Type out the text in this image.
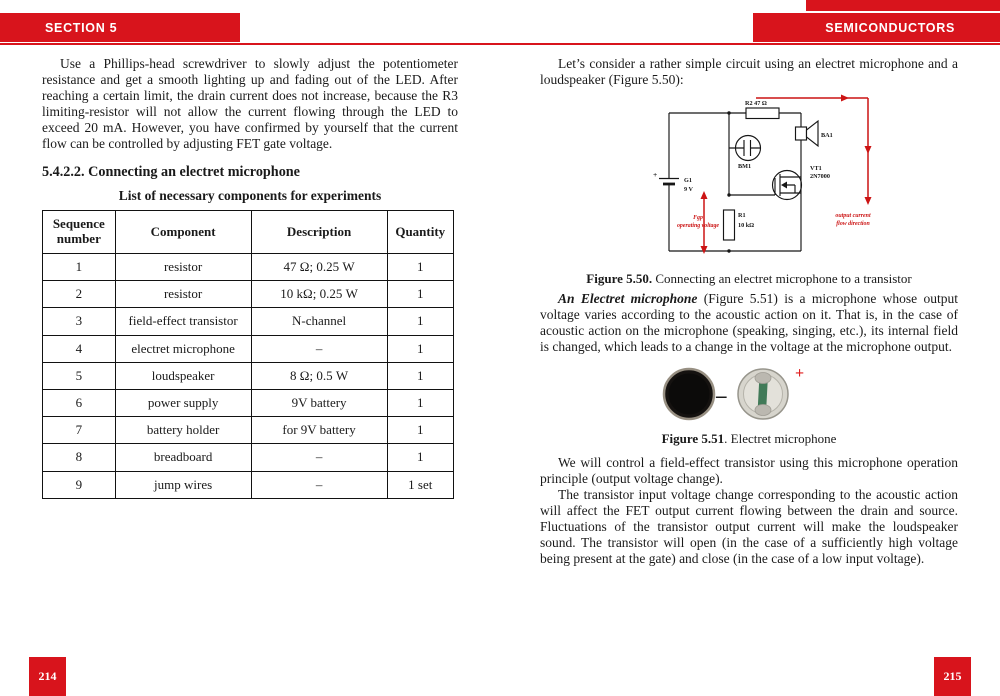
SECTION 5	SEMICONDUCTORS

Use a Phillips-head screwdriver to slowly adjust the potentiometer resistance and get a smooth lighting up and fading out of the LED. After reaching a certain limit, the drain current does not increase, because the R3 limiting-resistor will not allow the current flowing through the LED to exceed 20 mA. However, you have confirmed by yourself that the current flow can be controlled by adjusting FET gate voltage.

5.4.2.2. Connecting an electret microphone
List of necessary components for experiments
Sequence number	Component	Description	Quantity
1	resistor	47 Ω; 0.25 W	1
2	resistor	10 kΩ; 0.25 W	1
3	field-effect transistor	N-channel	1
4	electret microphone	–	1
5	loudspeaker	8 Ω; 0.5 W	1
6	power supply	9V battery	1
7	battery holder	for 9V battery	1
8	breadboard	–	1
9	jump wires	–	1 set

Let’s consider a rather simple circuit using an electret microphone and a loudspeaker (Figure 5.50):

R2 47 Ω
+
G1
9 V
BM1
BA1
VT1
2N7000
R1
10 kΩ
Fgp
operating voltage
output current
flow direction
Figure 5.50. Connecting an electret microphone to a transistor

An Electret microphone (Figure 5.51) is a microphone whose output voltage varies according to the acoustic action on it. That is, in the case of acoustic action on the microphone (speaking, singing, etc.), its internal field is changed, which leads to a change in the voltage at the microphone output.

–
+
Figure 5.51. Electret microphone

We will control a field-effect transistor using this microphone operation principle (output voltage change).

The transistor input voltage change corresponding to the acoustic action will affect the FET output current flowing between the drain and source. Fluctuations of the transistor output current will make the loudspeaker sound. The transistor will open (in the case of a sufficiently high voltage being present at the gate) and close (in the case of a low input voltage).

214	215
